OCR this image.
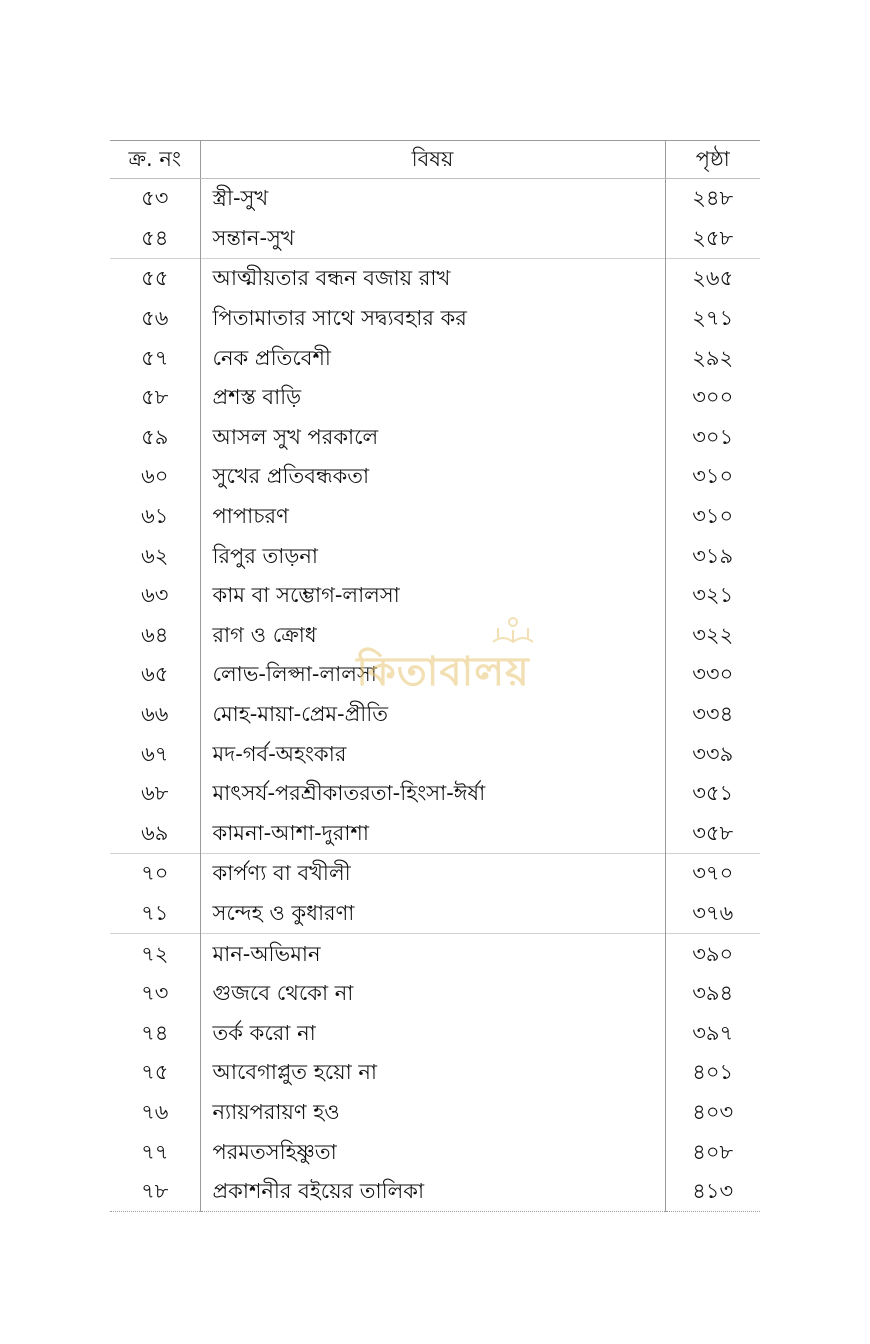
ক্র. নং	বিষয়	পৃষ্ঠা
৫৩	স্ত্রী-সুখ	২৪৮
৫৪	সন্তান-সুখ	২৫৮
৫৫	আত্মীয়তার বন্ধন বজায় রাখ	২৬৫
৫৬	পিতামাতার সাথে সদ্ব্যবহার কর	২৭১
৫৭	নেক প্রতিবেশী	২৯২
৫৮	প্রশস্ত বাড়ি	৩০০
৫৯	আসল সুখ পরকালে	৩০১
৬০	সুখের প্রতিবন্ধকতা	৩১০
৬১	পাপাচরণ	৩১০
৬২	রিপুর তাড়না	৩১৯
৬৩	কাম বা সম্ভোগ-লালসা	৩২১
৬৪	রাগ ও ক্রোধ	৩২২
৬৫	লোভ-লিপ্সা-লালসা	৩৩০
৬৬	মোহ-মায়া-প্রেম-প্রীতি	৩৩৪
৬৭	মদ-গর্ব-অহংকার	৩৩৯
৬৮	মাৎসর্য-পরশ্রীকাতরতা-হিংসা-ঈর্ষা	৩৫১
৬৯	কামনা-আশা-দুরাশা	৩৫৮
৭০	কার্পণ্য বা বখীলী	৩৭০
৭১	সন্দেহ ও কুধারণা	৩৭৬
৭২	মান-অভিমান	৩৯০
৭৩	গুজবে থেকো না	৩৯৪
৭৪	তর্ক করো না	৩৯৭
৭৫	আবেগাপ্লুত হয়ো না	৪০১
৭৬	ন্যায়পরায়ণ হও	৪০৩
৭৭	পরমতসহিষ্ণুতা	৪০৮
৭৮	প্রকাশনীর বইয়ের তালিকা	৪১৩
কিতাবালয়
